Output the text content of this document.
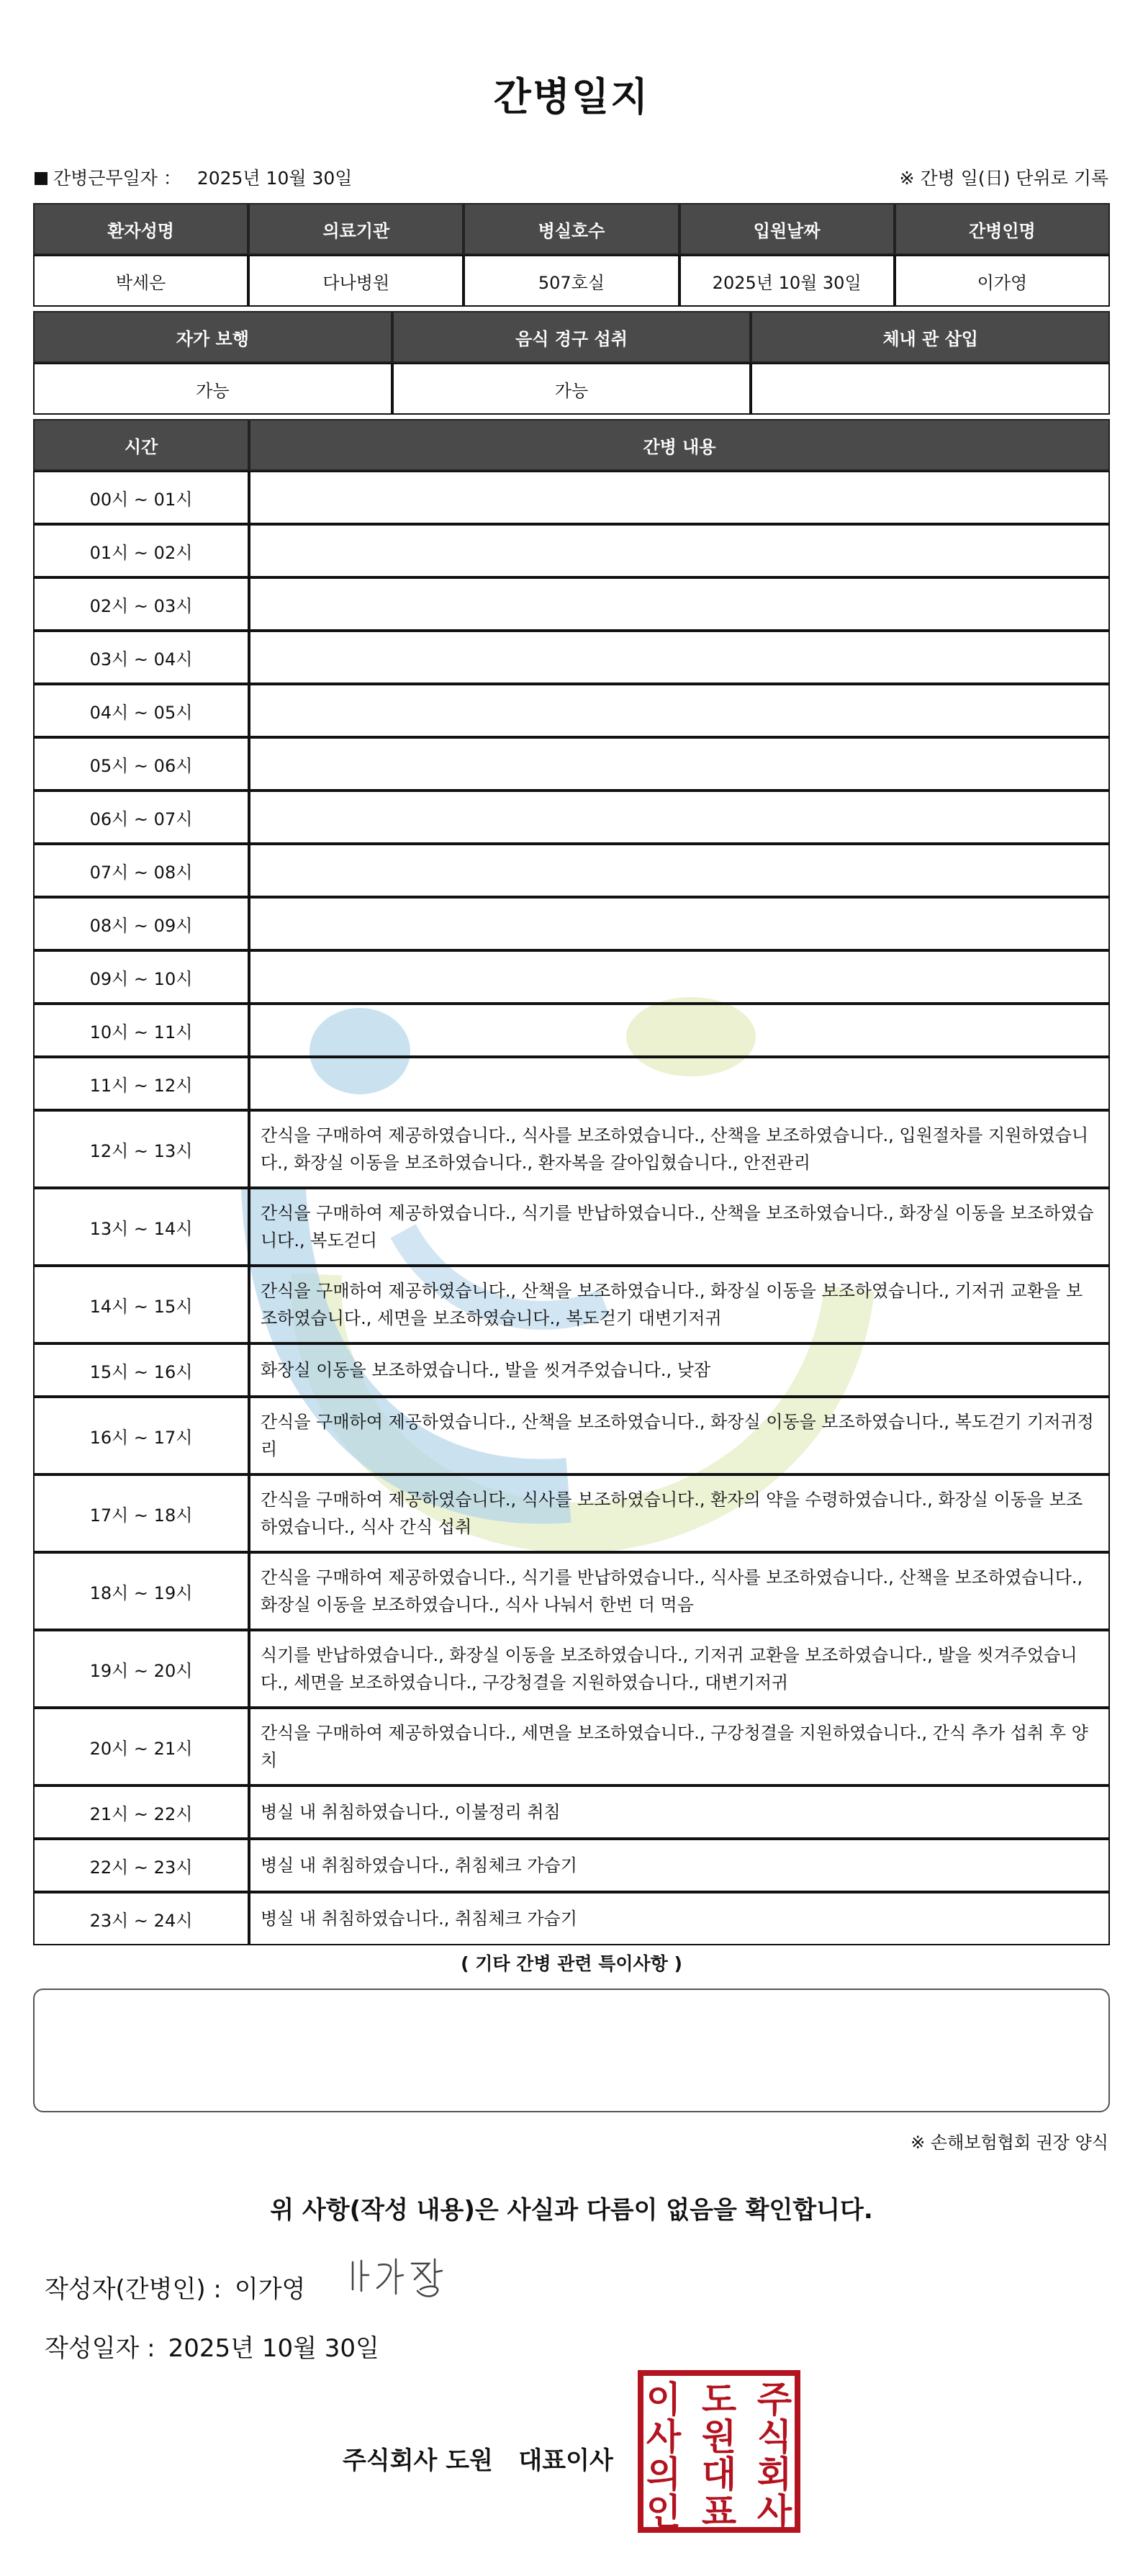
간병일지
간병근무일자 ： 2025년 10월 30일	※ 간병 일(日) 단위로 기록
환자성명	의료기관	병실호수	입원날짜	간병인명
박세은	다나병원	507호실	2025년 10월 30일	이가영
자가 보행	음식 경구 섭취	체내 관 삽입
가능	가능	
시간	간병 내용
00시 ~ 01시	
01시 ~ 02시	
02시 ~ 03시	
03시 ~ 04시	
04시 ~ 05시	
05시 ~ 06시	
06시 ~ 07시	
07시 ~ 08시	
08시 ~ 09시	
09시 ~ 10시	
10시 ~ 11시	
11시 ~ 12시	
12시 ~ 13시	간식을 구매하여 제공하였습니다., 식사를 보조하였습니다., 산책을 보조하였습니다., 입원절차를 지원하였습니다., 화장실 이동을 보조하였습니다., 환자복을 갈아입혔습니다., 안전관리
13시 ~ 14시	간식을 구매하여 제공하였습니다., 식기를 반납하였습니다., 산책을 보조하였습니다., 화장실 이동을 보조하였습니다., 복도걷디
14시 ~ 15시	간식을 구매하여 제공하였습니다., 산책을 보조하였습니다., 화장실 이동을 보조하였습니다., 기저귀 교환을 보조하였습니다., 세면을 보조하였습니다., 복도걷기 대변기저귀
15시 ~ 16시	화장실 이동을 보조하였습니다., 발을 씻겨주었습니다., 낮잠
16시 ~ 17시	간식을 구매하여 제공하였습니다., 산책을 보조하였습니다., 화장실 이동을 보조하였습니다., 복도걷기 기저귀정리
17시 ~ 18시	간식을 구매하여 제공하였습니다., 식사를 보조하였습니다., 환자의 약을 수령하였습니다., 화장실 이동을 보조하였습니다., 식사 간식 섭취
18시 ~ 19시	간식을 구매하여 제공하였습니다., 식기를 반납하였습니다., 식사를 보조하였습니다., 산책을 보조하였습니다., 화장실 이동을 보조하였습니다., 식사 나눠서 한번 더 먹음
19시 ~ 20시	식기를 반납하였습니다., 화장실 이동을 보조하였습니다., 기저귀 교환을 보조하였습니다., 발을 씻겨주었습니다., 세면을 보조하였습니다., 구강청결을 지원하였습니다., 대변기저귀
20시 ~ 21시	간식을 구매하여 제공하였습니다., 세면을 보조하였습니다., 구강청결을 지원하였습니다., 간식 추가 섭취 후 양치
21시 ~ 22시	병실 내 취침하였습니다., 이불정리 취침
22시 ~ 23시	병실 내 취침하였습니다., 취침체크 가습기
23시 ~ 24시	병실 내 취침하였습니다., 취침체크 가습기
( 기타 간병 관련 특이사항 )
※ 손해보험협회 권장 양식
위 사항(작성 내용)은 사실과 다름이 없음을 확인합니다.
작성자(간병인) : 이가영
작성일자 : 2025년 10월 30일
주식회사 도원   대표이사
주
식
회
사
도
원
대
표
이
사
의
인
